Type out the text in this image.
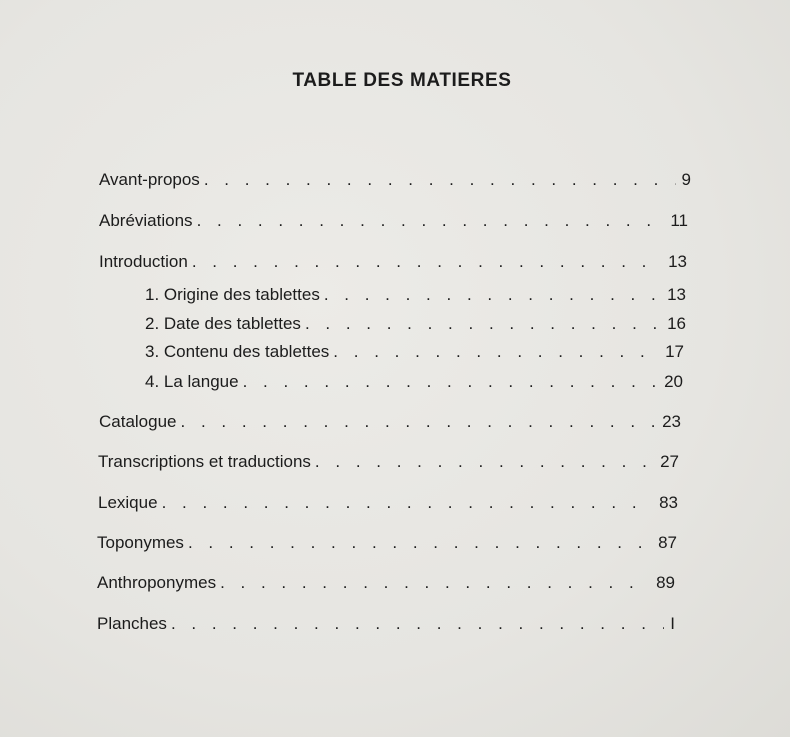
TABLE DES MATIERES
Avant-propos . . .	9
Abréviations . . .	11
Introduction . . .	13
1. Origine des tablettes . . .	13
2. Date des tablettes . . .	16
3. Contenu des tablettes . . .	17
4. La langue . . .	20
Catalogue . . .	23
Transcriptions et traductions . . .	27
Lexique . . .	83
Toponymes . . .	87
Anthroponymes . . .	89
Planches . . .	I
